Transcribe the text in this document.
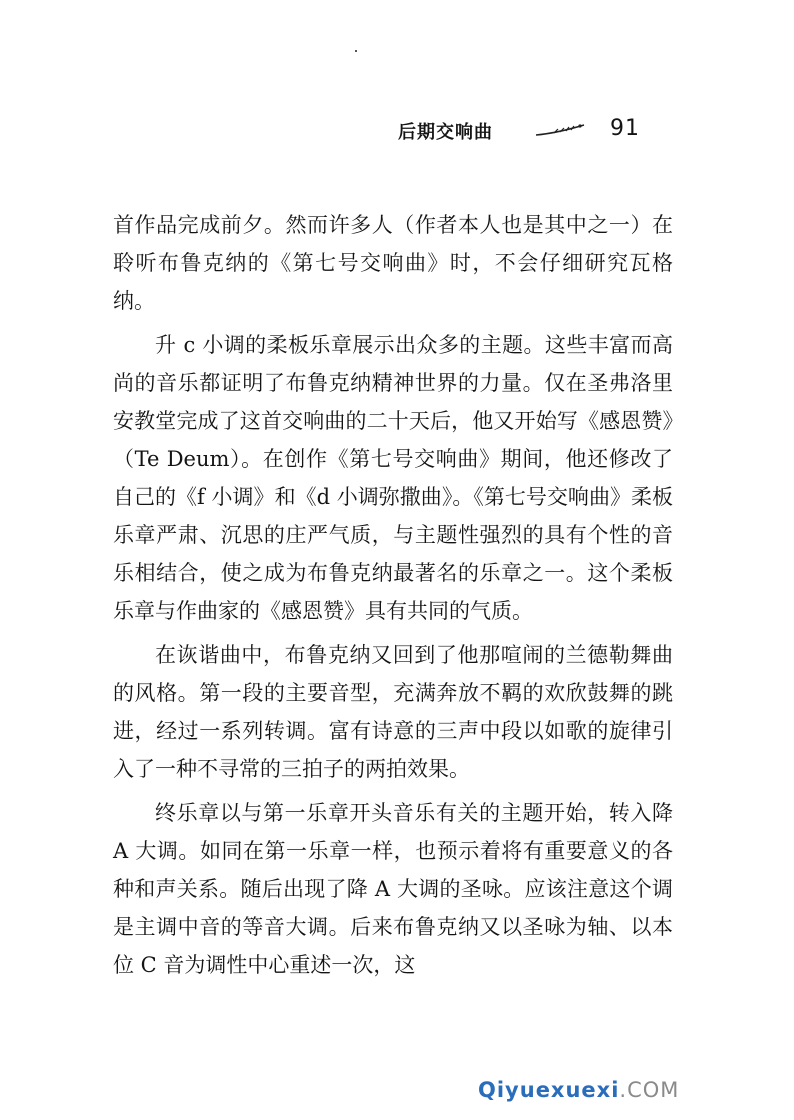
后期交响曲	91

首作品完成前夕。然而许多人（作者本人也是其中之一）在聆听布鲁克纳的《第七号交响曲》时，不会仔细研究瓦格纳。

升 c 小调的柔板乐章展示出众多的主题。这些丰富而高尚的音乐都证明了布鲁克纳精神世界的力量。仅在圣弗洛里安教堂完成了这首交响曲的二十天后，他又开始写《感恩赞》（Te Deum）。在创作《第七号交响曲》期间，他还修改了自己的《f 小调》和《d 小调弥撒曲》。《第七号交响曲》柔板乐章严肃、沉思的庄严气质，与主题性强烈的具有个性的音乐相结合，使之成为布鲁克纳最著名的乐章之一。这个柔板乐章与作曲家的《感恩赞》具有共同的气质。

在诙谐曲中，布鲁克纳又回到了他那喧闹的兰德勒舞曲的风格。第一段的主要音型，充满奔放不羁的欢欣鼓舞的跳进，经过一系列转调。富有诗意的三声中段以如歌的旋律引入了一种不寻常的三拍子的两拍效果。

终乐章以与第一乐章开头音乐有关的主题开始，转入降 A 大调。如同在第一乐章一样，也预示着将有重要意义的各种和声关系。随后出现了降 A 大调的圣咏。应该注意这个调是主调中音的等音大调。后来布鲁克纳又以圣咏为轴、以本位 C 音为调性中心重述一次，这

Qiyuexuexi.COM
